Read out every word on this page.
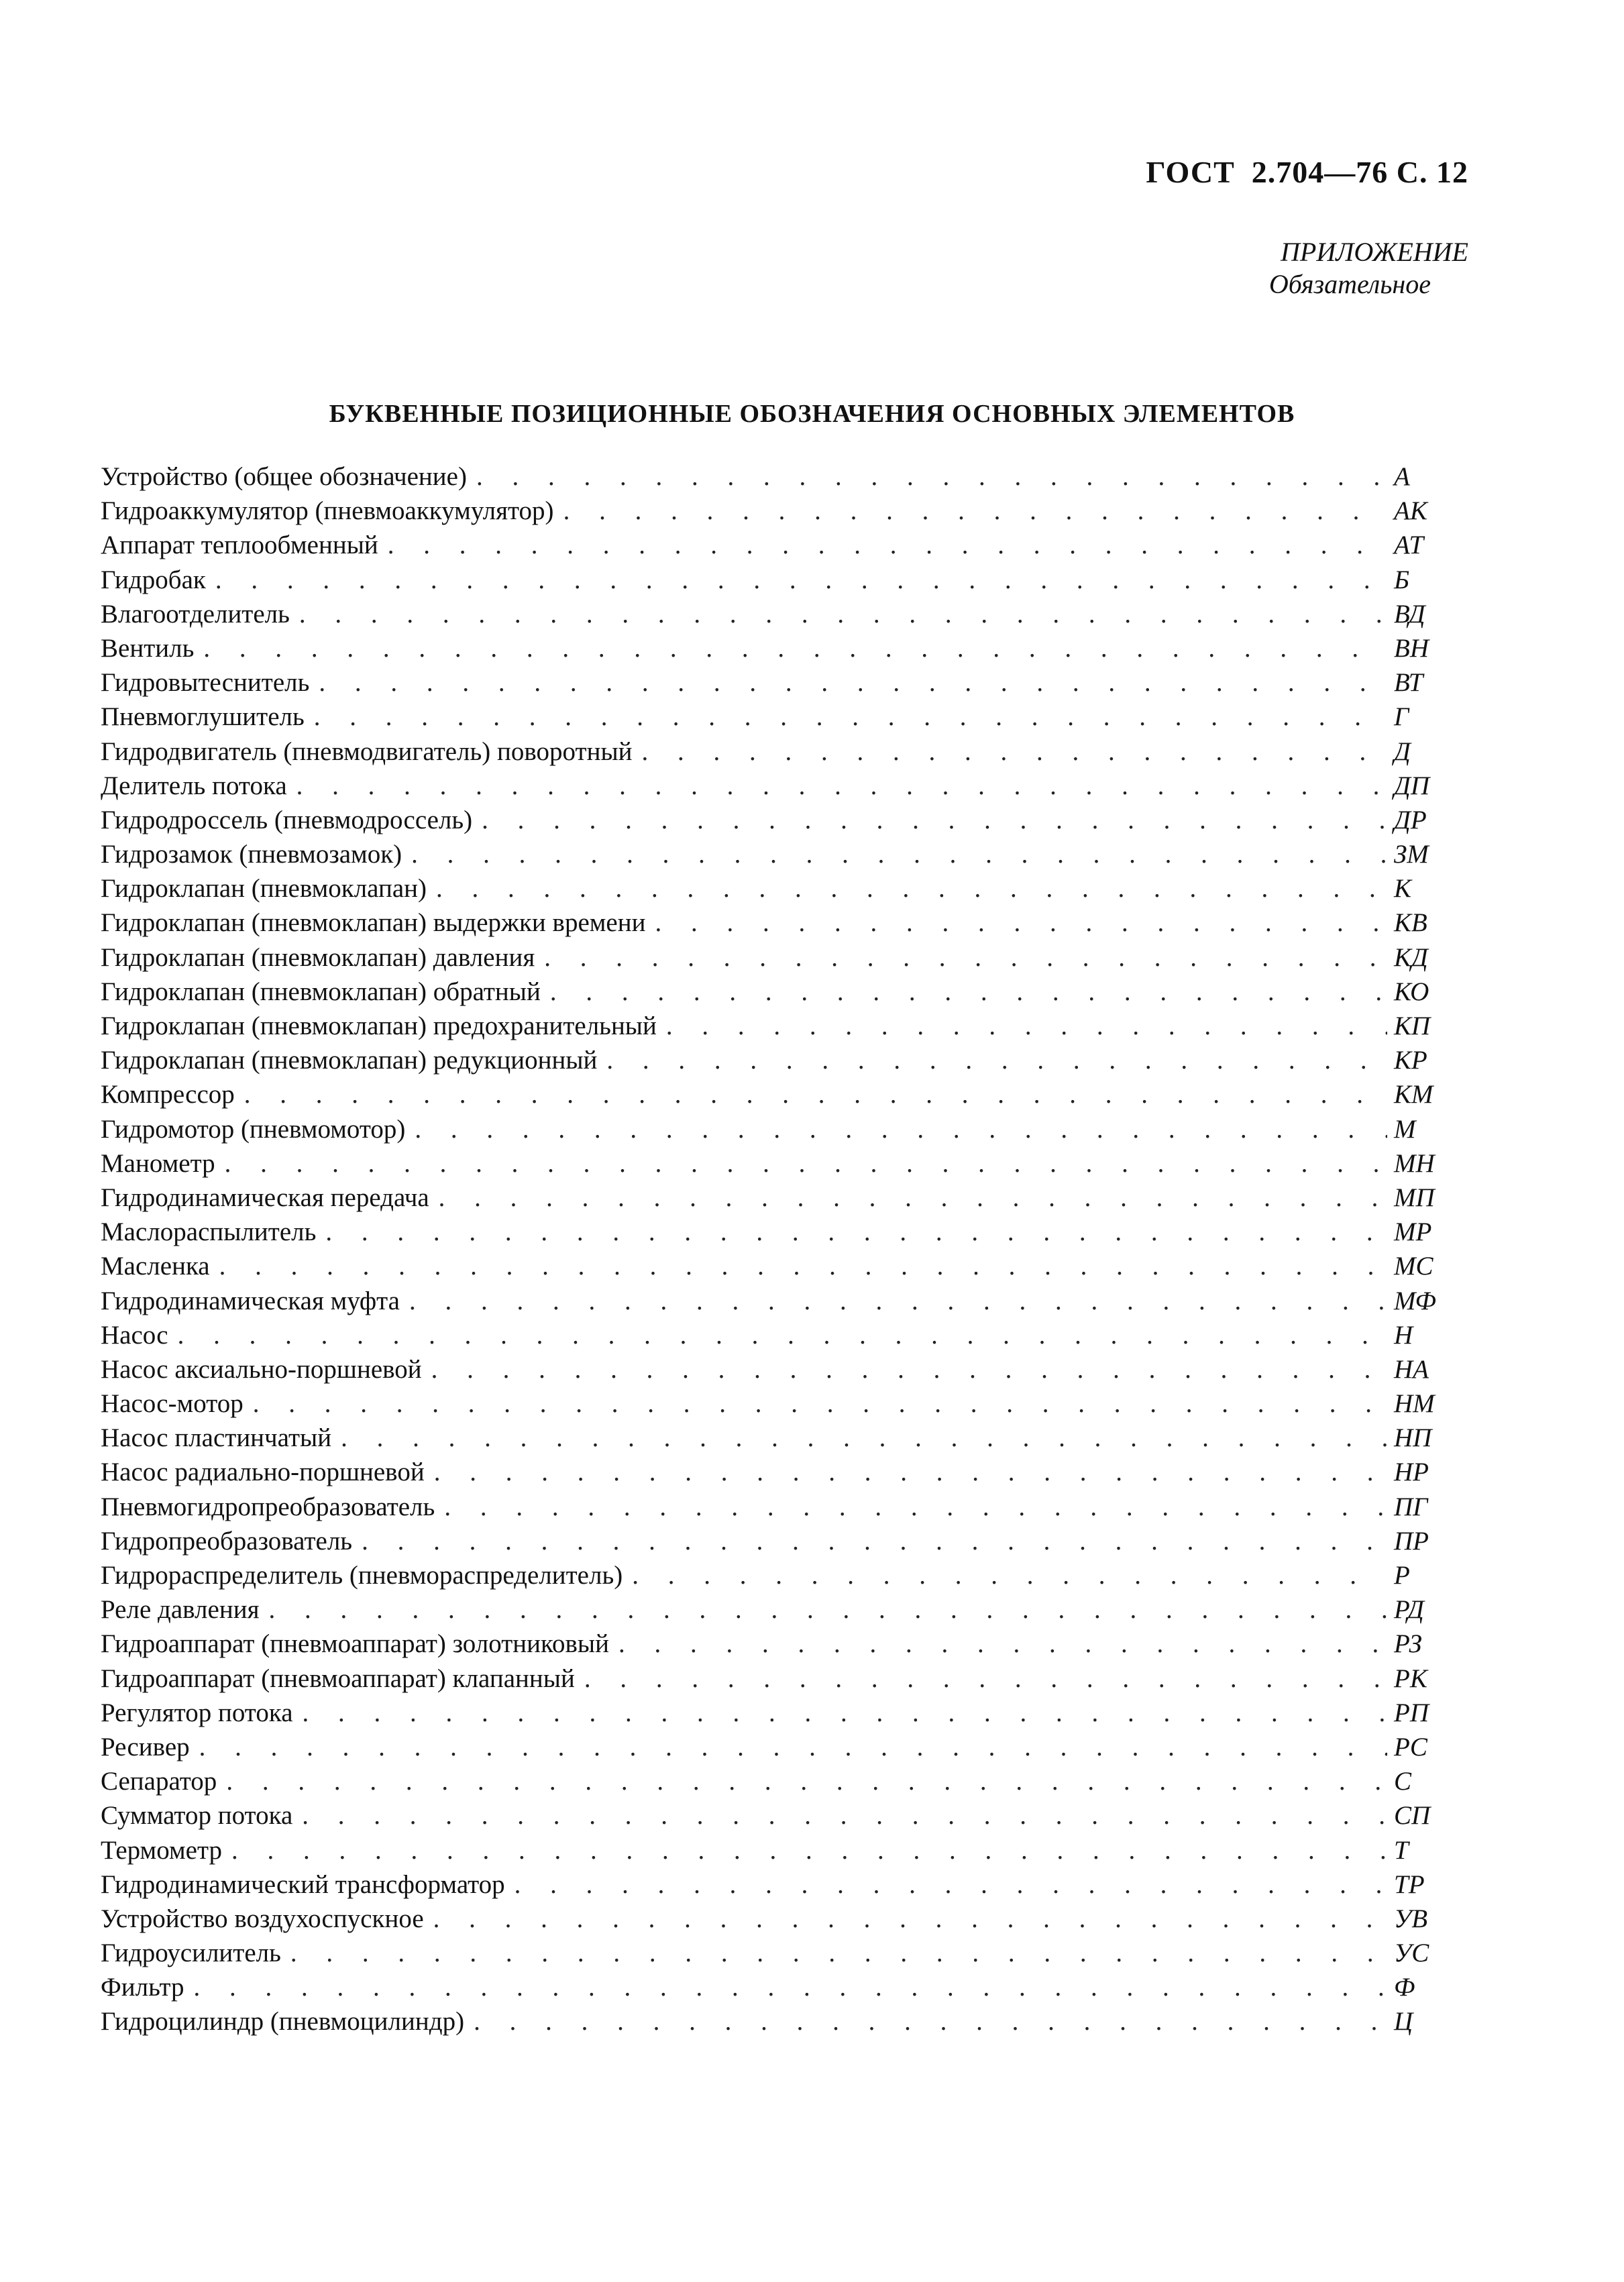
ГОСТ  2.704—76 С. 12
ПРИЛОЖЕНИЕ
Обязательное
БУКВЕННЫЕ ПОЗИЦИОННЫЕ ОБОЗНАЧЕНИЯ ОСНОВНЫХ ЭЛЕМЕНТОВ
Устройство (общее обозначение) . . .	А
Гидроаккумулятор (пневмоаккумулятор) . . .	АК
Аппарат теплообменный . . .	АТ
Гидробак . . .	Б
Влагоотделитель . . .	ВД
Вентиль . . .	ВН
Гидровытеснитель . . .	ВТ
Пневмоглушитель . . .	Г
Гидродвигатель (пневмодвигатель) поворотный . . .	Д
Делитель потока . . .	ДП
Гидродроссель (пневмодроссель) . . .	ДР
Гидрозамок (пневмозамок) . . .	ЗМ
Гидроклапан (пневмоклапан) . . .	К
Гидроклапан (пневмоклапан) выдержки времени . . .	КВ
Гидроклапан (пневмоклапан) давления . . .	КД
Гидроклапан (пневмоклапан) обратный . . .	КО
Гидроклапан (пневмоклапан) предохранительный . . .	КП
Гидроклапан (пневмоклапан) редукционный . . .	КР
Компрессор . . .	КМ
Гидромотор (пневмомотор) . . .	М
Манометр . . .	МН
Гидродинамическая передача . . .	МП
Маслораспылитель . . .	МР
Масленка . . .	МС
Гидродинамическая муфта . . .	МФ
Насос . . .	Н
Насос аксиально-поршневой . . .	НА
Насос-мотор . . .	НМ
Насос пластинчатый . . .	НП
Насос радиально-поршневой . . .	НР
Пневмогидропреобразователь . . .	ПГ
Гидропреобразователь . . .	ПР
Гидрораспределитель (пневмораспределитель) . . .	Р
Реле давления . . .	РД
Гидроаппарат (пневмоаппарат) золотниковый . . .	РЗ
Гидроаппарат (пневмоаппарат) клапанный . . .	РК
Регулятор потока . . .	РП
Ресивер . . .	РС
Сепаратор . . .	С
Сумматор потока . . .	СП
Термометр . . .	Т
Гидродинамический трансформатор . . .	ТР
Устройство воздухоспускное . . .	УВ
Гидроусилитель . . .	УС
Фильтр . . .	Ф
Гидроцилиндр (пневмоцилиндр) . . .	Ц
